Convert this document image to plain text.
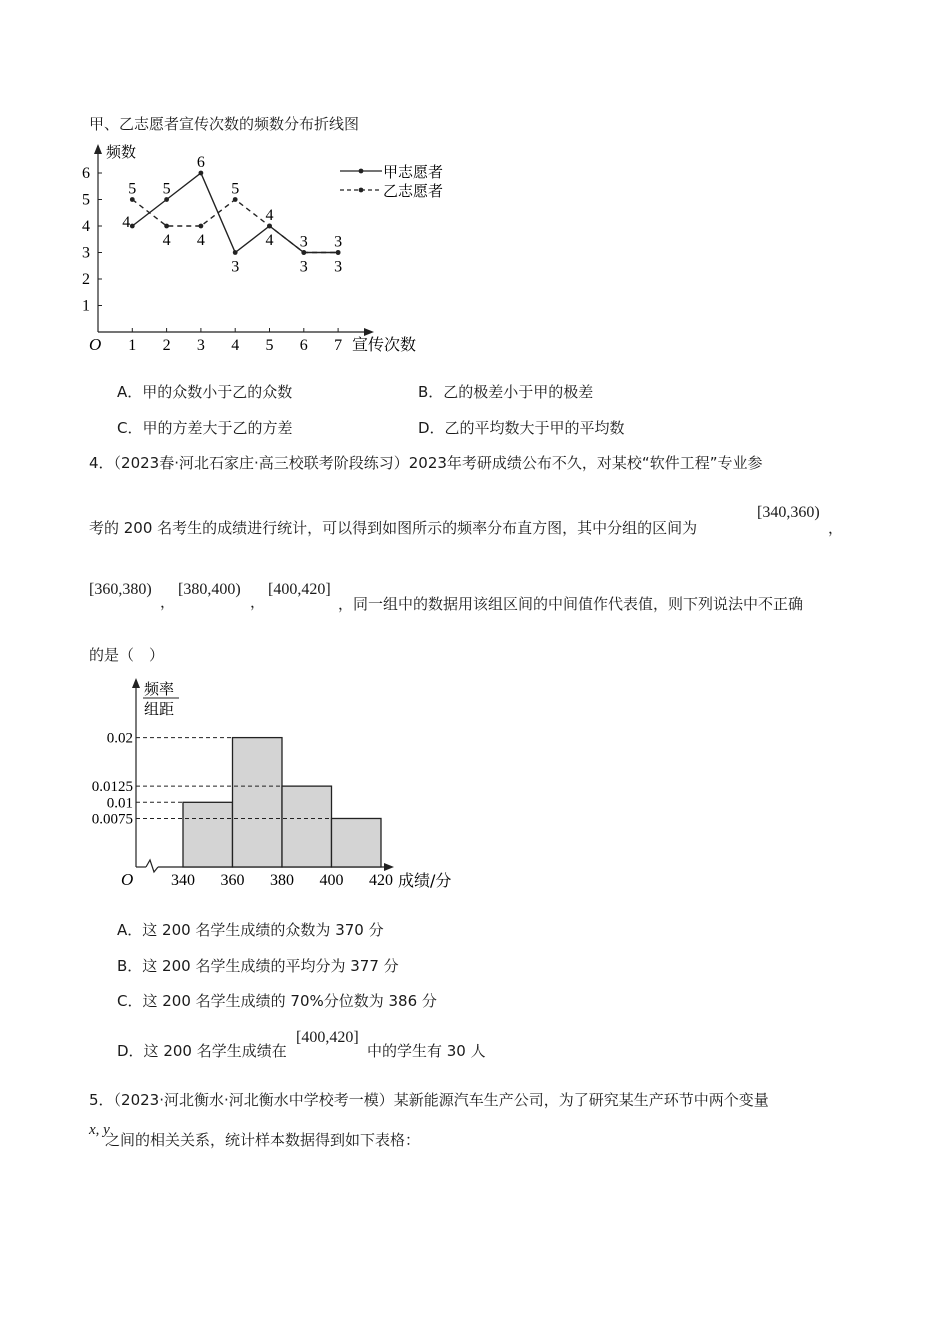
甲、乙志愿者宣传次数的频数分布折线图
频数
宣传次数
O
1
2
3
4
5
6
1 2 3 4 5 6 7
4
5 5
4
6
4
5
3
4
4
3
3
3
3
甲志愿者
乙志愿者
A．甲的众数小于乙的众数	B．乙的极差小于甲的极差
C．甲的方差大于乙的方差	D．乙的平均数大于甲的平均数
4．（2023春·河北石家庄·高三校联考阶段练习）2023年考研成绩公布不久，对某校“软件工程”专业参
考的 200 名考生的成绩进行统计，可以得到如图所示的频率分布直方图，其中分组的区间为
[340,360)
，
[360,380)
，
[380,400)
，
[400,420]
，同一组中的数据用该组区间的中间值作代表值，则下列说法中不正确
的是（　）
频率
组距
成绩/分
O
0.02
0.0125
0.01
0.0075
340 360 380 400 420
A．这 200 名学生成绩的众数为 370 分
B．这 200 名学生成绩的平均分为 377 分
C．这 200 名学生成绩的 70%分位数为 386 分
D．这 200 名学生成绩在
[400,420]
中的学生有 30 人
5．（2023·河北衡水·河北衡水中学校考一模）某新能源汽车生产公司，为了研究某生产环节中两个变量
x, y
之间的相关关系，统计样本数据得到如下表格：
